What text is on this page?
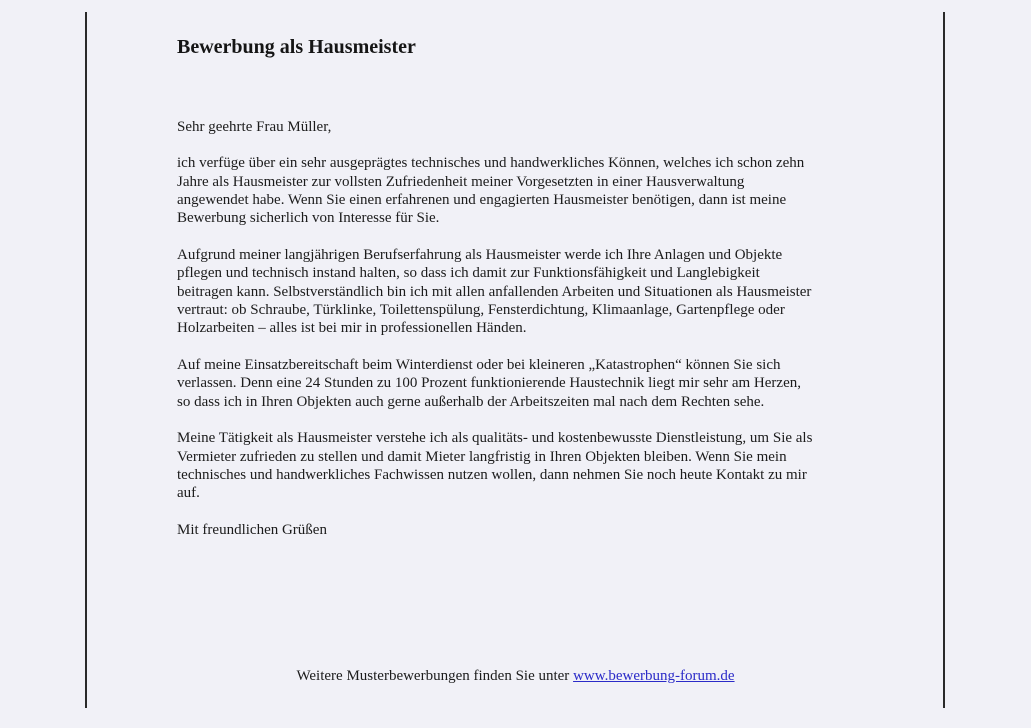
Bewerbung als Hausmeister
Sehr geehrte Frau Müller,
ich verfüge über ein sehr ausgeprägtes technisches und handwerkliches Können, welches ich schon zehn
Jahre als Hausmeister zur vollsten Zufriedenheit meiner Vorgesetzten in einer Hausverwaltung
angewendet habe. Wenn Sie einen erfahrenen und engagierten Hausmeister benötigen, dann ist meine
Bewerbung sicherlich von Interesse für Sie.
Aufgrund meiner langjährigen Berufserfahrung als Hausmeister werde ich Ihre Anlagen und Objekte
pflegen und technisch instand halten, so dass ich damit zur Funktionsfähigkeit und Langlebigkeit
beitragen kann. Selbstverständlich bin ich mit allen anfallenden Arbeiten und Situationen als Hausmeister
vertraut: ob Schraube, Türklinke, Toilettenspülung, Fensterdichtung, Klimaanlage, Gartenpflege oder
Holzarbeiten – alles ist bei mir in professionellen Händen.
Auf meine Einsatzbereitschaft beim Winterdienst oder bei kleineren „Katastrophen“ können Sie sich
verlassen. Denn eine 24 Stunden zu 100 Prozent funktionierende Haustechnik liegt mir sehr am Herzen,
so dass ich in Ihren Objekten auch gerne außerhalb der Arbeitszeiten mal nach dem Rechten sehe.
Meine Tätigkeit als Hausmeister verstehe ich als qualitäts- und kostenbewusste Dienstleistung, um Sie als
Vermieter zufrieden zu stellen und damit Mieter langfristig in Ihren Objekten bleiben. Wenn Sie mein
technisches und handwerkliches Fachwissen nutzen wollen, dann nehmen Sie noch heute Kontakt zu mir
auf.
Mit freundlichen Grüßen
Weitere Musterbewerbungen finden Sie unter www.bewerbung-forum.de
